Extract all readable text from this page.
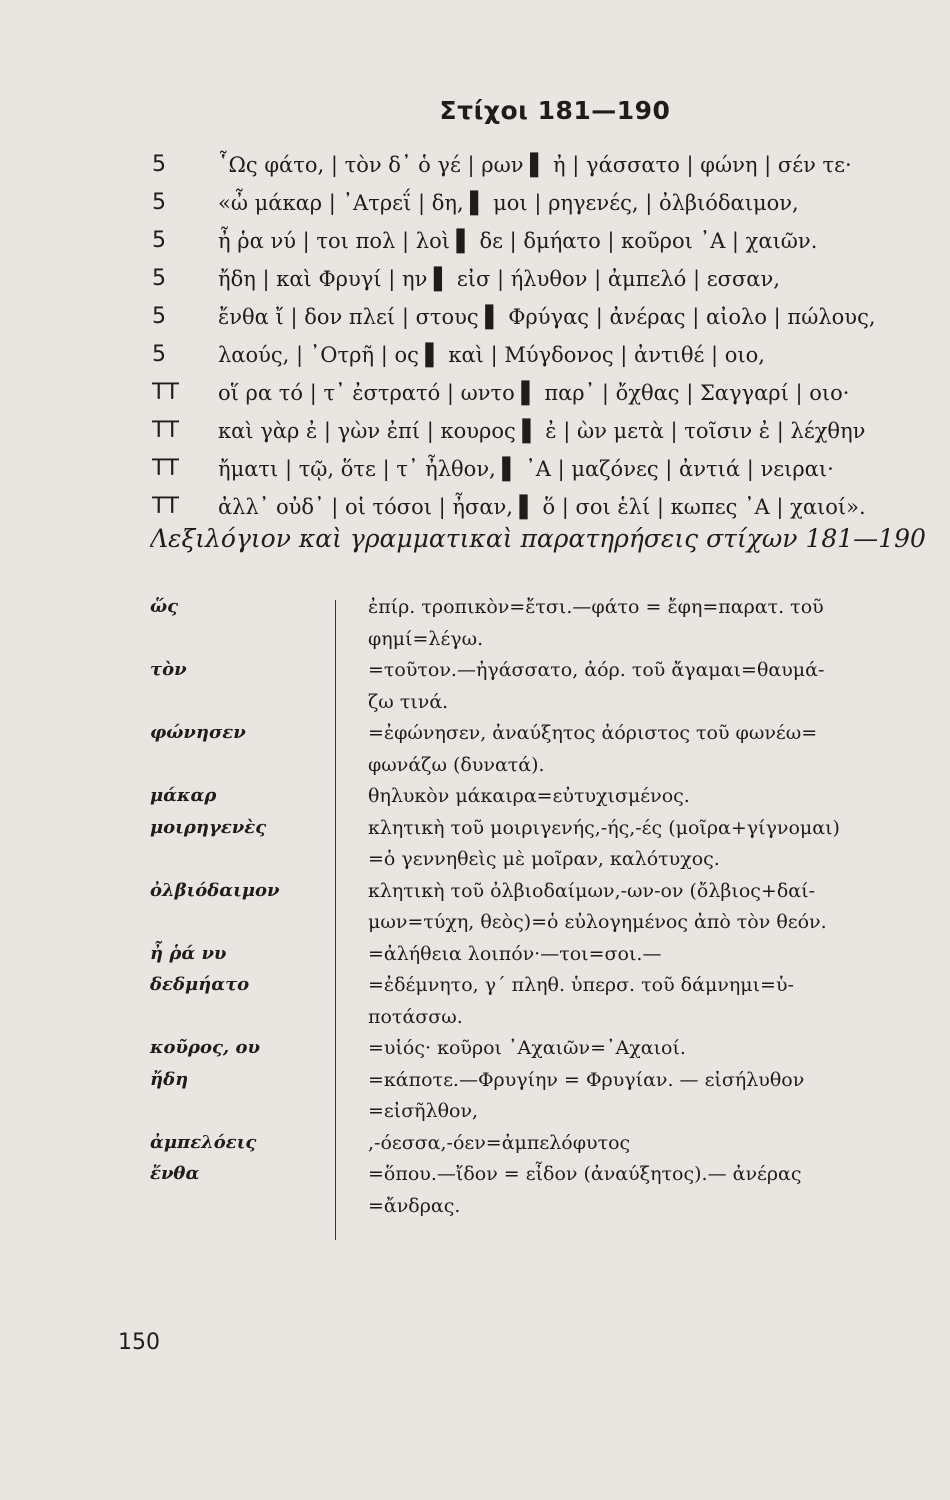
Στίχοι 181—190
5	῟Ως φάτο, | τὸν δ᾽ ὁ γέ | ρων ▌ ἠ | γάσσατο | φώνη | σέν τε·
5	«ὦ μάκαρ | ᾽Ατρεΐ | δη, ▌ μοι | ρηγενές, | ὀλβιόδαιμον,
5	ἦ ῥα νύ | τοι πολ | λοὶ ▌ δε | δμήατο | κοῦροι ᾽Α | χαιῶν.
5	ἤδη | καὶ Φρυγί | ην ▌ εἰσ | ήλυθον | ἀμπελό | εσσαν,
5	ἔνθα ἴ | δον πλεί | στους ▌ Φρύγας | ἀνέρας | αἰολο | πώλους,
5	λαούς, | ᾽Οτρῆ | ος ▌ καὶ | Μύγδονος | ἀντιθέ | οιο,
ΤΤ	οἵ ρα τό | τ᾽ ἐστρατό | ωντο ▌ παρ᾽ | ὄχθας | Σαγγαρί | οιο·
ΤΤ	καὶ γὰρ ἐ | γὼν ἐπί | κουρος ▌ ἐ | ὼν μετὰ | τοῖσιν ἐ | λέχθην
ΤΤ	ἤματι | τῷ, ὅτε | τ᾽ ἦλθον, ▌ ᾽Α | μαζόνες | ἀντιά | νειραι·
ΤΤ	ἀλλ᾽ οὐδ᾽ | οἱ τόσοι | ἦσαν, ▌ ὅ | σοι ἑλί | κωπες ᾽Α | χαιοί».
Λεξιλόγιον καὶ γραμματικαὶ παρατηρήσεις στίχων 181—190
ὥς	ἐπίρ. τροπικὸν=ἔτσι.—φάτο = ἔφη=παρατ. τοῦ
φημί=λέγω.
τὸν	=τοῦτον.—ἠγάσσατο, ἀόρ. τοῦ ἄγαμαι=θαυμά-
ζω τινά.
φώνησεν	=ἐφώνησεν, ἀναύξητος ἀόριστος τοῦ φωνέω=
φωνάζω (δυνατά).
μάκαρ	θηλυκὸν μάκαιρα=εὐτυχισμένος.
μοιρηγενὲς	κλητικὴ τοῦ μοιριγενής,-ής,-ές (μοῖρα+γίγνομαι)
=ὁ γεννηθεὶς μὲ μοῖραν, καλότυχος.
ὀλβιόδαιμον	κλητικὴ τοῦ ὀλβιοδαίμων,-ων-ον (ὄλβιος+δαί-
μων=τύχη, θεὸς)=ὁ εὐλογημένος ἀπὸ τὸν θεόν.
ἦ ῥά νυ	=ἀλήθεια λοιπόν·—τοι=σοι.—
δεδμήατο	=ἐδέμνητο, γ΄ πληθ. ὑπερσ. τοῦ δάμνημι=ὑ-
ποτάσσω.
κοῦρος, ου	=υἱός· κοῦροι ᾽Αχαιῶν=᾽Αχαιοί.
ἤδη	=κάποτε.—Φρυγίην = Φρυγίαν. — εἰσήλυθον
=εἰσῆλθον,
ἀμπελόεις	,-όεσσα,-όεν=ἀμπελόφυτος
ἔνθα	=ὅπου.—ἴδον = εἶδον (ἀναύξητος).— ἀνέρας
=ἄνδρας.
150
